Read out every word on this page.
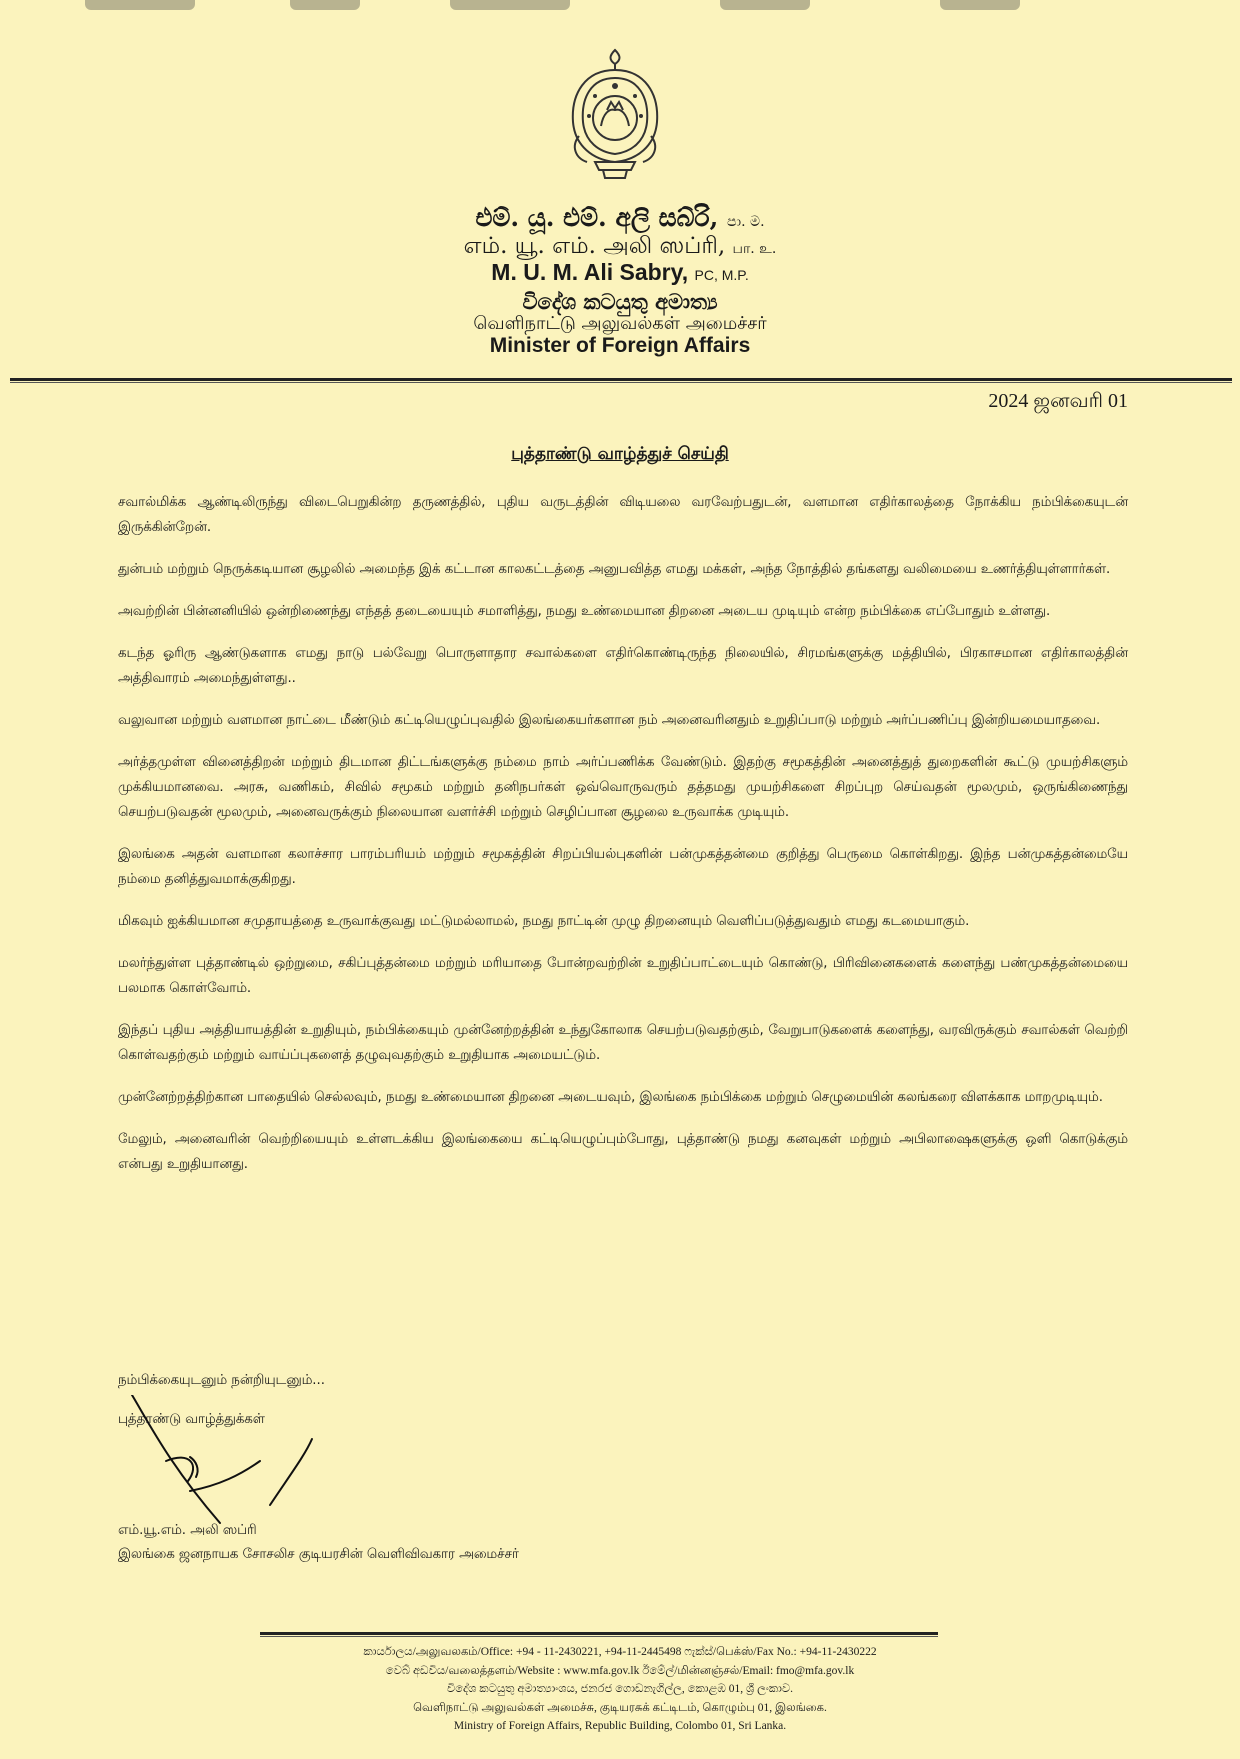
එම්. යූ. එම්. අලි සබ්රි, පා. ම.

எம். யூ. எம். அலி ஸப்ரி, பா. உ.

M. U. M. Ali Sabry, PC, M.P.

විදේශ කටයුතු අමාත්‍ය

வெளிநாட்டு அலுவல்கள் அமைச்சர்

Minister of Foreign Affairs

2024 ஜனவரி 01
புத்தாண்டு வாழ்த்துச் செய்தி

சவால்மிக்க ஆண்டிலிருந்து விடைபெறுகின்ற தருணத்தில், புதிய வருடத்தின் விடியலை வரவேற்பதுடன், வளமான எதிர்காலத்தை நோக்கிய நம்பிக்கையுடன் இருக்கின்றேன்.

துன்பம் மற்றும் நெருக்கடியான சூழலில் அமைந்த இக் கட்டான காலகட்டத்தை அனுபவித்த எமது மக்கள், அந்த நோத்தில் தங்களது வலிமையை உணர்த்தியுள்ளார்கள்.

அவற்றின் பின்னனியில் ஒன்றிணைந்து எந்தத் தடையையும் சமாளித்து, நமது உண்மையான திறனை அடைய முடியும் என்ற நம்பிக்கை எப்போதும் உள்ளது.

கடந்த ஓரிரு ஆண்டுகளாக எமது நாடு பல்வேறு பொருளாதார சவால்களை எதிர்கொண்டிருந்த நிலையில், சிரமங்களுக்கு மத்தியில், பிரகாசமான எதிர்காலத்தின் அத்திவாரம் அமைந்துள்ளது..

வலுவான மற்றும் வளமான நாட்டை மீண்டும் கட்டியெழுப்புவதில் இலங்கையர்களான நம் அனைவரினதும் உறுதிப்பாடு மற்றும் அர்ப்பணிப்பு இன்றியமையாதவை.

அர்த்தமுள்ள வினைத்திறன் மற்றும் திடமான திட்டங்களுக்கு நம்மை நாம் அர்ப்பணிக்க வேண்டும். இதற்கு சமூகத்தின் அனைத்துத் துறைகளின் கூட்டு முயற்சிகளும் முக்கியமானவை. அரசு, வணிகம், சிவில் சமூகம் மற்றும் தனிநபர்கள் ஒவ்வொருவரும் தத்தமது முயற்சிகளை சிறப்புற செய்வதன் மூலமும், ஒருங்கிணைந்து செயற்படுவதன் மூலமும், அனைவருக்கும் நிலையான வளர்ச்சி மற்றும் செழிப்பான சூழலை உருவாக்க முடியும்.

இலங்கை அதன் வளமான கலாச்சார பாரம்பரியம் மற்றும் சமூகத்தின் சிறப்பியல்புகளின் பன்முகத்தன்மை குறித்து பெருமை கொள்கிறது. இந்த பன்முகத்தன்மையே நம்மை தனித்துவமாக்குகிறது.

மிகவும் ஐக்கியமான சமுதாயத்தை உருவாக்குவது மட்டுமல்லாமல், நமது நாட்டின் முழு திறனையும் வெளிப்படுத்துவதும் எமது கடமையாகும்.

மலர்ந்துள்ள புத்தாண்டில் ஒற்றுமை, சகிப்புத்தன்மை மற்றும் மரியாதை போன்றவற்றின் உறுதிப்பாட்டையும் கொண்டு, பிரிவினைகளைக் களைந்து பண்முகத்தன்மையை பலமாக கொள்வோம்.

இந்தப் புதிய அத்தியாயத்தின் உறுதியும், நம்பிக்கையும் முன்னேற்றத்தின் உந்துகோலாக செயற்படுவதற்கும், வேறுபாடுகளைக் களைந்து, வரவிருக்கும் சவால்கள் வெற்றி கொள்வதற்கும் மற்றும் வாய்ப்புகளைத் தழுவுவதற்கும் உறுதியாக அமையட்டும்.

முன்னேற்றத்திற்கான பாதையில் செல்லவும், நமது உண்மையான திறனை அடையவும், இலங்கை நம்பிக்கை மற்றும் செழுமையின் கலங்கரை விளக்காக மாறமுடியும்.

மேலும், அனைவரின் வெற்றியையும் உள்ளடக்கிய இலங்கையை கட்டியெழுப்பும்போது, புத்தாண்டு நமது கனவுகள் மற்றும் அபிலாஷைகளுக்கு ஒளி கொடுக்கும் என்பது உறுதியானது.

நம்பிக்கையுடனும் நன்றியுடனும்...
புத்தாண்டு வாழ்த்துக்கள்
எம்.யூ.எம். அலி ஸப்ரி
இலங்கை ஜனநாயக சோசலிச குடியரசின் வெளிவிவகார அமைச்சர்

කාර්යාලය/அலுவலகம்/Office: +94 - 11-2430221, +94-11-2445498 ෆැක්ස්/பெக்ஸ்/Fax No.: +94-11-2430222

වෙබ් අඩවිය/வலைத்தளம்/Website : www.mfa.gov.lk ඊමේල්/மின்னஞ்சல்/Email: fmo@mfa.gov.lk

විදේශ කටයුතු අමාත්‍යාංශය, ජනරජ ගොඩනැගිල්ල, කොළඹ 01, ශ්‍රී ලංකාව.

வெளிநாட்டு அலுவல்கள் அமைச்சு, குடியரசுக் கட்டிடம், கொழும்பு 01, இலங்கை.

Ministry of Foreign Affairs, Republic Building, Colombo 01, Sri Lanka.
